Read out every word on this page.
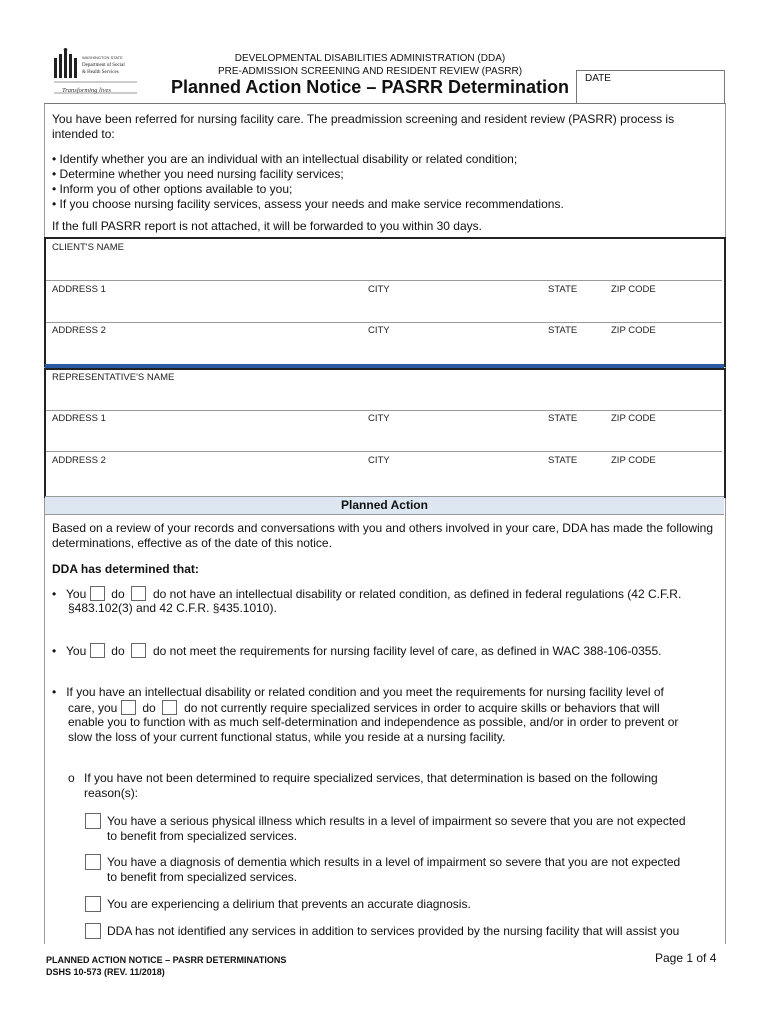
WASHINGTON STATE
Department of Social
& Health Services
Transforming lives
DEVELOPMENTAL DISABILITIES ADMINISTRATION (DDA)
PRE-ADMISSION SCREENING AND RESIDENT REVIEW (PASRR)
Planned Action Notice – PASRR Determination DATE
You have been referred for nursing facility care. The preadmission screening and resident review (PASRR) process is intended to:
• Identify whether you are an individual with an intellectual disability or related condition;
• Determine whether you need nursing facility services;
• Inform you of other options available to you;
• If you choose nursing facility services, assess your needs and make service recommendations.
If the full PASRR report is not attached, it will be forwarded to you within 30 days.
CLIENT'S NAME
ADDRESS 1	CITY	STATE	ZIP CODE
ADDRESS 2	CITY	STATE	ZIP CODE
REPRESENTATIVE'S NAME
ADDRESS 1	CITY	STATE	ZIP CODE
ADDRESS 2	CITY	STATE	ZIP CODE
Planned Action
Based on a review of your records and conversations with you and others involved in your care, DDA has made the following determinations, effective as of the date of this notice.
DDA has determined that:
•   You do do not have an intellectual disability or related condition, as defined in federal regulations (42 C.F.R.
§483.102(3) and 42 C.F.R. §435.1010).
•   You do do not meet the requirements for nursing facility level of care, as defined in WAC 388-106-0355.
•   If you have an intellectual disability or related condition and you meet the requirements for nursing facility level of
care, you do do not currently require specialized services in order to acquire skills or behaviors that will
enable you to function with as much self-determination and independence as possible, and/or in order to prevent or
slow the loss of your current functional status, while you reside at a nursing facility.
o If you have not been determined to require specialized services, that determination is based on the following
reason(s):
You have a serious physical illness which results in a level of impairment so severe that you are not expected
to benefit from specialized services.
You have a diagnosis of dementia which results in a level of impairment so severe that you are not expected
to benefit from specialized services.
You are experiencing a delirium that prevents an accurate diagnosis.
DDA has not identified any services in addition to services provided by the nursing facility that will assist you
PLANNED ACTION NOTICE – PASRR DETERMINATIONS
DSHS 10-573 (REV. 11/2018)
Page 1 of 4
